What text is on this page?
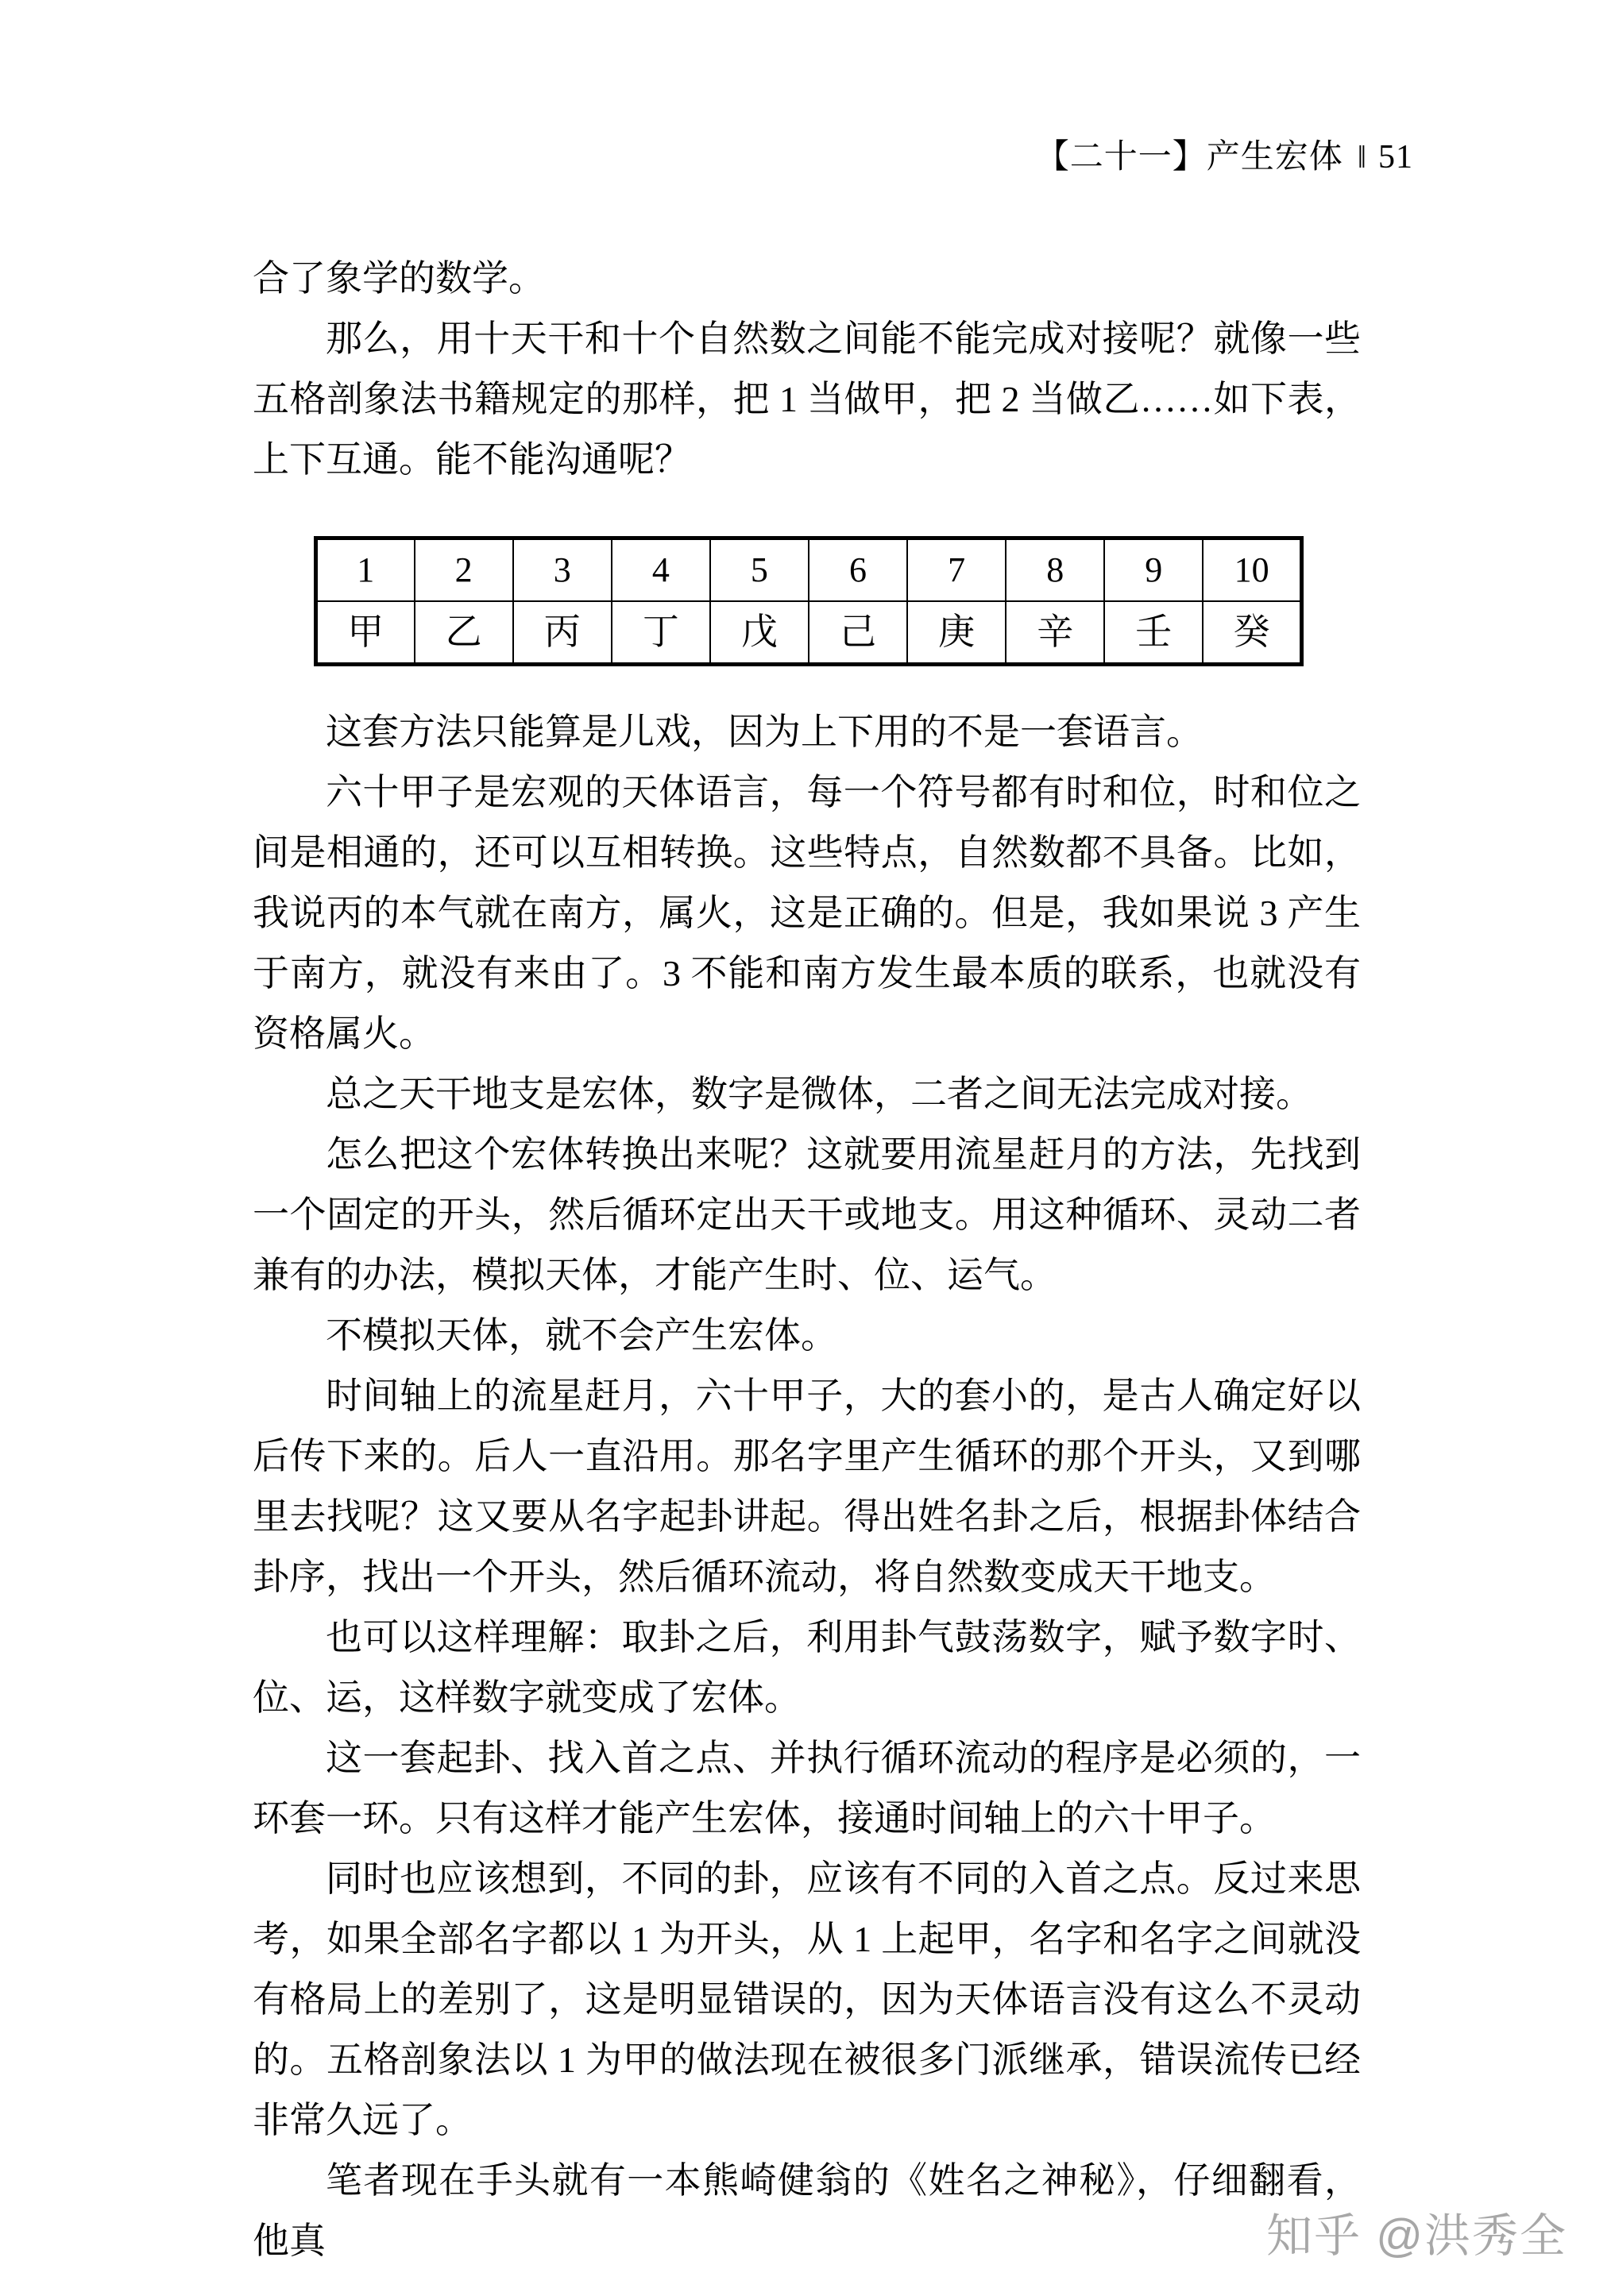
【二十一】产生宏体 ‖ 51

合了象学的数学。

那么，用十天干和十个自然数之间能不能完成对接呢？就像一些五格剖象法书籍规定的那样，把 1 当做甲，把 2 当做乙……如下表，上下互通。能不能沟通呢？

1	2	3	4	5	6	7	8	9	10
甲	乙	丙	丁	戊	己	庚	辛	壬	癸

这套方法只能算是儿戏，因为上下用的不是一套语言。

六十甲子是宏观的天体语言，每一个符号都有时和位，时和位之间是相通的，还可以互相转换。这些特点，自然数都不具备。比如，我说丙的本气就在南方，属火，这是正确的。但是，我如果说 3 产生于南方，就没有来由了。3 不能和南方发生最本质的联系，也就没有资格属火。

总之天干地支是宏体，数字是微体，二者之间无法完成对接。

怎么把这个宏体转换出来呢？这就要用流星赶月的方法，先找到一个固定的开头，然后循环定出天干或地支。用这种循环、灵动二者兼有的办法，模拟天体，才能产生时、位、运气。

不模拟天体，就不会产生宏体。

时间轴上的流星赶月，六十甲子，大的套小的，是古人确定好以后传下来的。后人一直沿用。那名字里产生循环的那个开头，又到哪里去找呢？这又要从名字起卦讲起。得出姓名卦之后，根据卦体结合卦序，找出一个开头，然后循环流动，将自然数变成天干地支。

也可以这样理解：取卦之后，利用卦气鼓荡数字，赋予数字时、位、运，这样数字就变成了宏体。

这一套起卦、找入首之点、并执行循环流动的程序是必须的，一环套一环。只有这样才能产生宏体，接通时间轴上的六十甲子。

同时也应该想到，不同的卦，应该有不同的入首之点。反过来思考，如果全部名字都以 1 为开头，从 1 上起甲，名字和名字之间就没有格局上的差别了，这是明显错误的，因为天体语言没有这么不灵动的。五格剖象法以 1 为甲的做法现在被很多门派继承，错误流传已经非常久远了。

笔者现在手头就有一本熊崎健翁的《姓名之神秘》，仔细翻看，他真	知乎 @洪秀全
